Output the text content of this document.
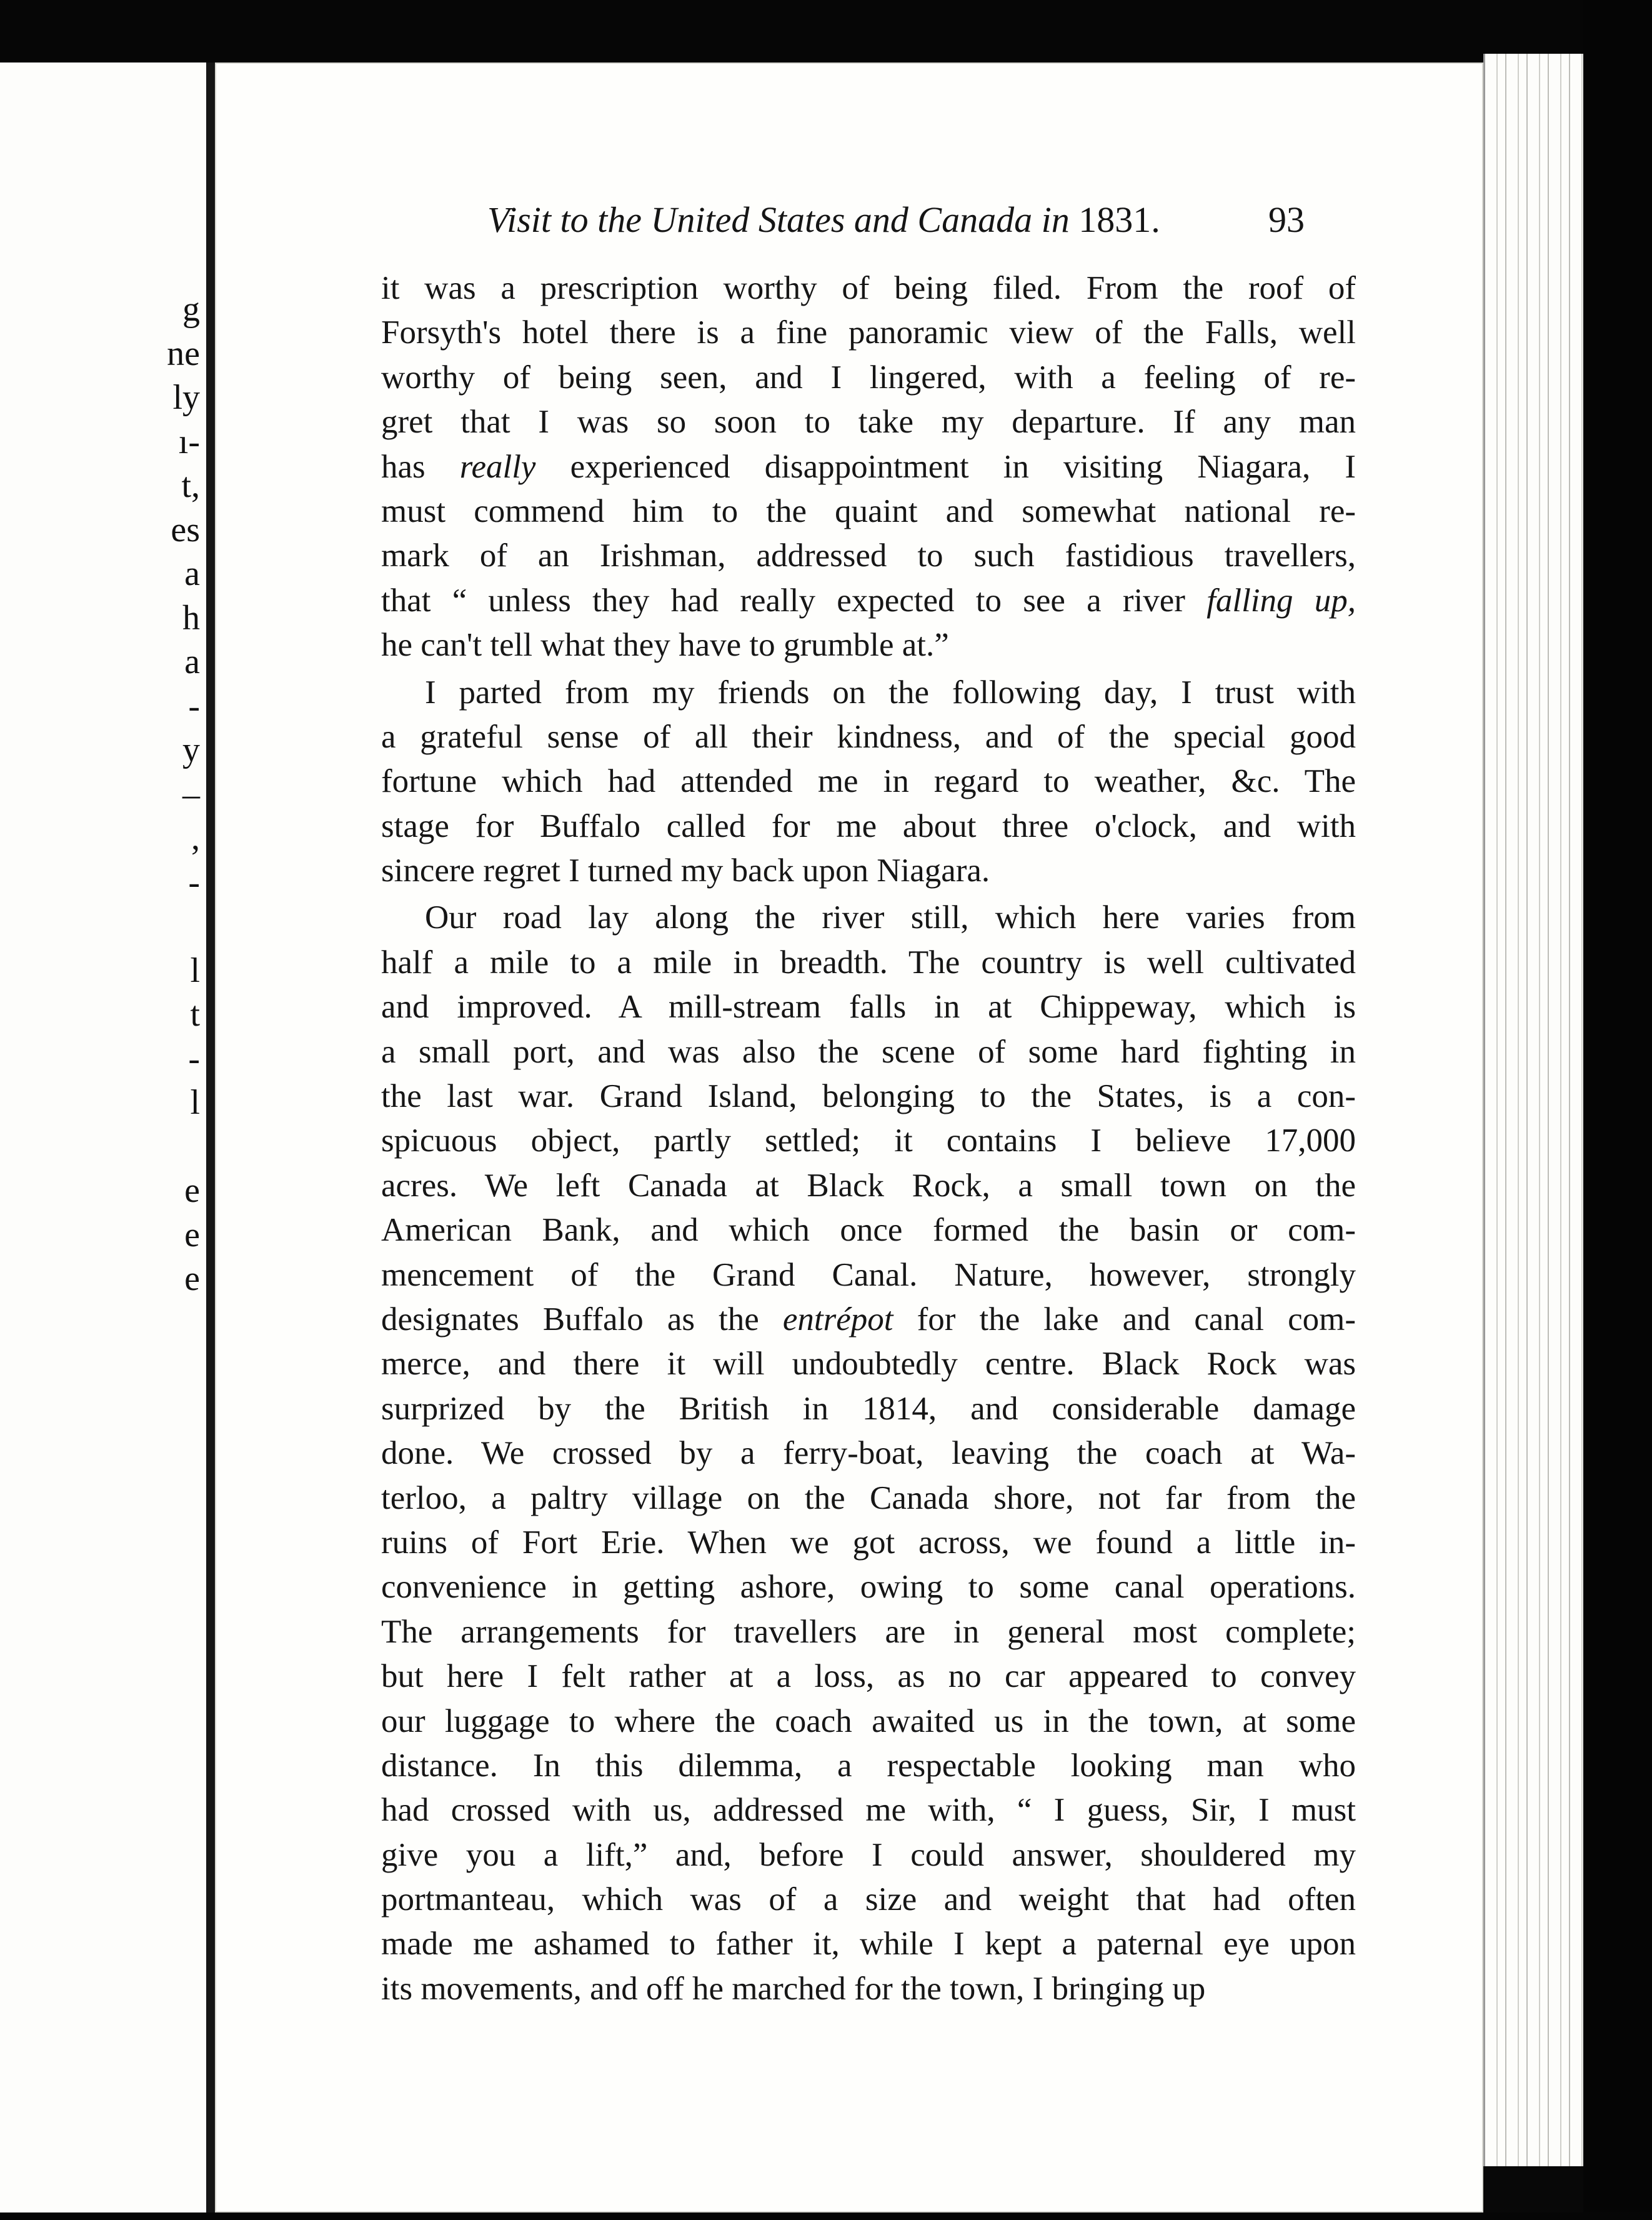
g
ne
ly
ı-
t,
es
a
h
a
-
y
–
,
-
l
t
-
l
e
e
e
Visit to the United States and Canada in 1831.	93
it was a prescription worthy of being filed. From the roof of
Forsyth's hotel there is a fine panoramic view of the Falls, well
worthy of being seen, and I lingered, with a feeling of re-
gret that I was so soon to take my departure. If any man
has really experienced disappointment in visiting Niagara, I
must commend him to the quaint and somewhat national re-
mark of an Irishman, addressed to such fastidious travellers,
that “ unless they had really expected to see a river falling up,
he can't tell what they have to grumble at.”
I parted from my friends on the following day, I trust with
a grateful sense of all their kindness, and of the special good
fortune which had attended me in regard to weather, &c. The
stage for Buffalo called for me about three o'clock, and with
sincere regret I turned my back upon Niagara.
Our road lay along the river still, which here varies from
half a mile to a mile in breadth. The country is well cultivated
and improved. A mill-stream falls in at Chippeway, which is
a small port, and was also the scene of some hard fighting in
the last war. Grand Island, belonging to the States, is a con-
spicuous object, partly settled; it contains I believe 17,000
acres. We left Canada at Black Rock, a small town on the
American Bank, and which once formed the basin or com-
mencement of the Grand Canal. Nature, however, strongly
designates Buffalo as the entrépot for the lake and canal com-
merce, and there it will undoubtedly centre. Black Rock was
surprized by the British in 1814, and considerable damage
done. We crossed by a ferry-boat, leaving the coach at Wa-
terloo, a paltry village on the Canada shore, not far from the
ruins of Fort Erie. When we got across, we found a little in-
convenience in getting ashore, owing to some canal operations.
The arrangements for travellers are in general most complete;
but here I felt rather at a loss, as no car appeared to convey
our luggage to where the coach awaited us in the town, at some
distance. In this dilemma, a respectable looking man who
had crossed with us, addressed me with, “ I guess, Sir, I must
give you a lift,” and, before I could answer, shouldered my
portmanteau, which was of a size and weight that had often
made me ashamed to father it, while I kept a paternal eye upon
its movements, and off he marched for the town, I bringing up
